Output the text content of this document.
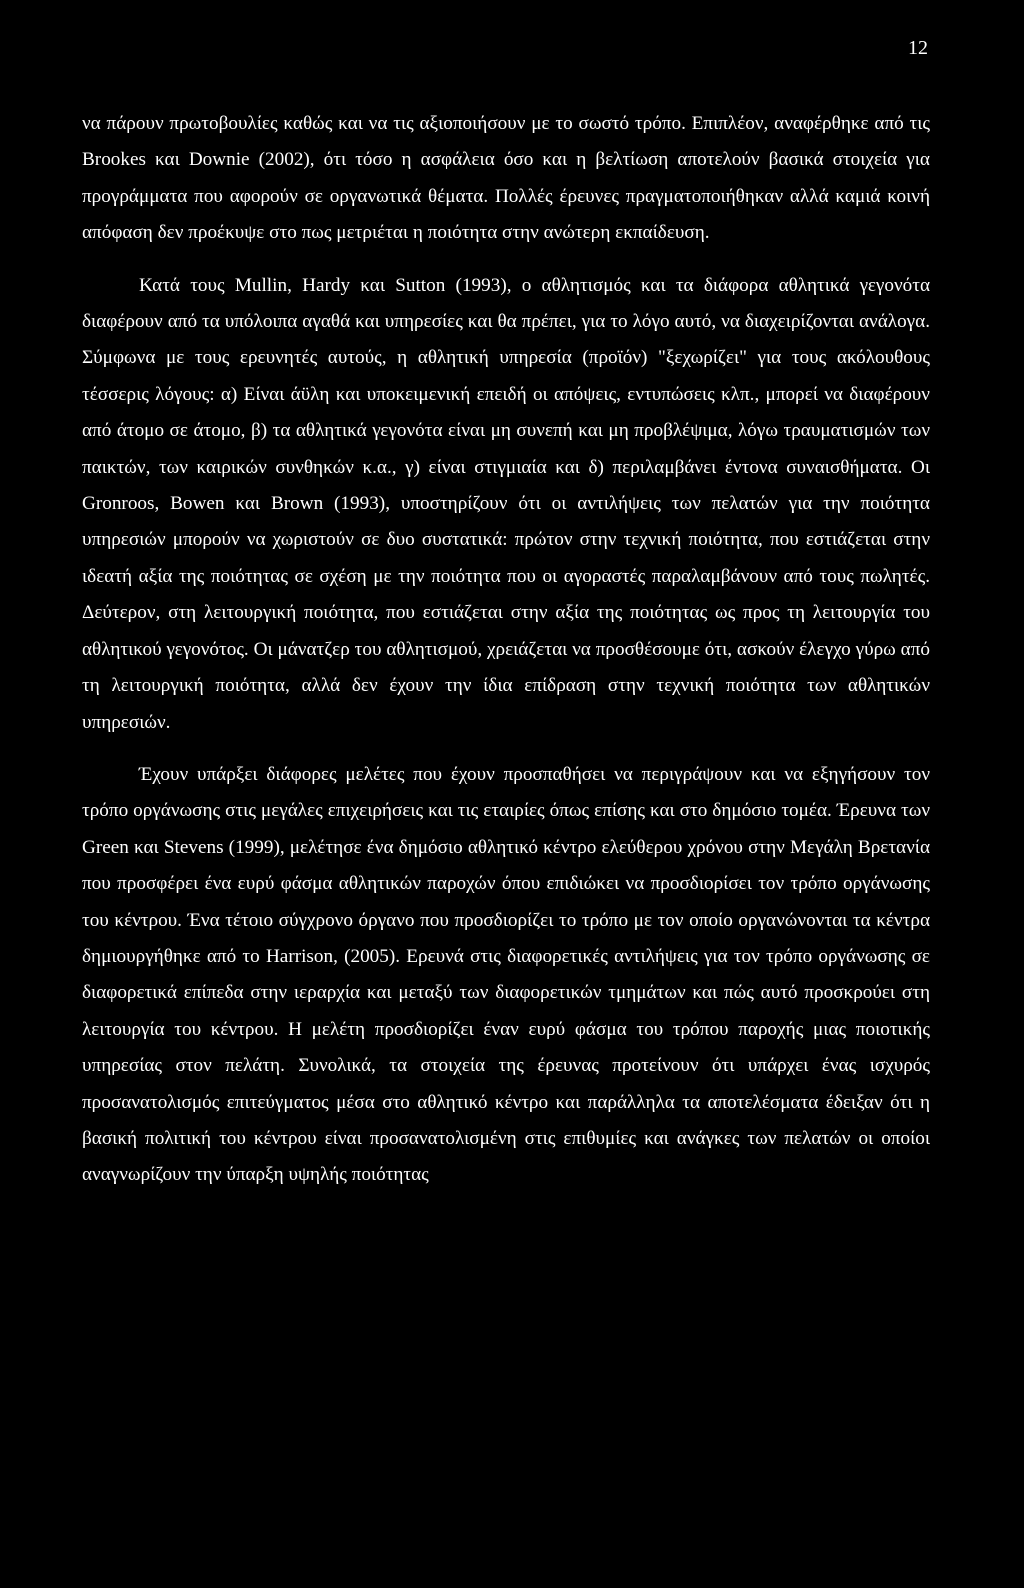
12

να πάρουν πρωτοβουλίες καθώς και να τις αξιοποιήσουν με το σωστό τρόπο. Επιπλέον, αναφέρθηκε από τις Brookes και Downie (2002), ότι τόσο η ασφάλεια όσο και η βελτίωση αποτελούν βασικά στοιχεία για προγράμματα που αφορούν σε οργανωτικά θέματα. Πολλές έρευνες πραγματοποιήθηκαν αλλά καμιά κοινή απόφαση δεν προέκυψε στο πως μετριέται η ποιότητα στην ανώτερη εκπαίδευση.

Κατά τους Mullin, Hardy και Sutton (1993), ο αθλητισμός και τα διάφορα αθλητικά γεγονότα διαφέρουν από τα υπόλοιπα αγαθά και υπηρεσίες και θα πρέπει, για το λόγο αυτό, να διαχειρίζονται ανάλογα. Σύμφωνα με τους ερευνητές αυτούς, η αθλητική υπηρεσία (προϊόν) "ξεχωρίζει" για τους ακόλουθους τέσσερις λόγους: α) Είναι άϋλη και υποκειμενική επειδή οι απόψεις, εντυπώσεις κλπ., μπορεί να διαφέρουν από άτομο σε άτομο, β) τα αθλητικά γεγονότα είναι μη συνεπή και μη προβλέψιμα, λόγω τραυματισμών των παικτών, των καιρικών συνθηκών κ.α., γ) είναι στιγμιαία και δ) περιλαμβάνει έντονα συναισθήματα. Οι Gronroos, Bowen και Brown (1993), υποστηρίζουν ότι οι αντιλήψεις των πελατών για την ποιότητα υπηρεσιών μπορούν να χωριστούν σε δυο συστατικά: πρώτον στην τεχνική ποιότητα, που εστιάζεται στην ιδεατή αξία της ποιότητας σε σχέση με την ποιότητα που οι αγοραστές παραλαμβάνουν από τους πωλητές. Δεύτερον, στη λειτουργική ποιότητα, που εστιάζεται στην αξία της ποιότητας ως προς τη λειτουργία του αθλητικού γεγονότος. Οι μάνατζερ του αθλητισμού, χρειάζεται να προσθέσουμε ότι, ασκούν έλεγχο γύρω από τη λειτουργική ποιότητα, αλλά δεν έχουν την ίδια επίδραση στην τεχνική ποιότητα των αθλητικών υπηρεσιών.

Έχουν υπάρξει διάφορες μελέτες που έχουν προσπαθήσει να περιγράψουν και να εξηγήσουν τον τρόπο οργάνωσης στις μεγάλες επιχειρήσεις και τις εταιρίες όπως επίσης και στο δημόσιο τομέα. Έρευνα των Green και Stevens (1999), μελέτησε ένα δημόσιο αθλητικό κέντρο ελεύθερου χρόνου στην Μεγάλη Βρετανία που προσφέρει ένα ευρύ φάσμα αθλητικών παροχών όπου επιδιώκει να προσδιορίσει τον τρόπο οργάνωσης του κέντρου. Ένα τέτοιο σύγχρονο όργανο που προσδιορίζει το τρόπο με τον οποίο οργανώνονται τα κέντρα δημιουργήθηκε από το Harrison, (2005). Ερευνά στις διαφορετικές αντιλήψεις για τον τρόπο οργάνωσης σε διαφορετικά επίπεδα στην ιεραρχία και μεταξύ των διαφορετικών τμημάτων και πώς αυτό προσκρούει στη λειτουργία του κέντρου. Η μελέτη προσδιορίζει έναν ευρύ φάσμα του τρόπου παροχής μιας ποιοτικής υπηρεσίας στον πελάτη. Συνολικά, τα στοιχεία της έρευνας προτείνουν ότι υπάρχει ένας ισχυρός προσανατολισμός επιτεύγματος μέσα στο αθλητικό κέντρο και παράλληλα τα αποτελέσματα έδειξαν ότι η βασική πολιτική του κέντρου είναι προσανατολισμένη στις επιθυμίες και ανάγκες των πελατών οι οποίοι αναγνωρίζουν την ύπαρξη υψηλής ποιότητας
